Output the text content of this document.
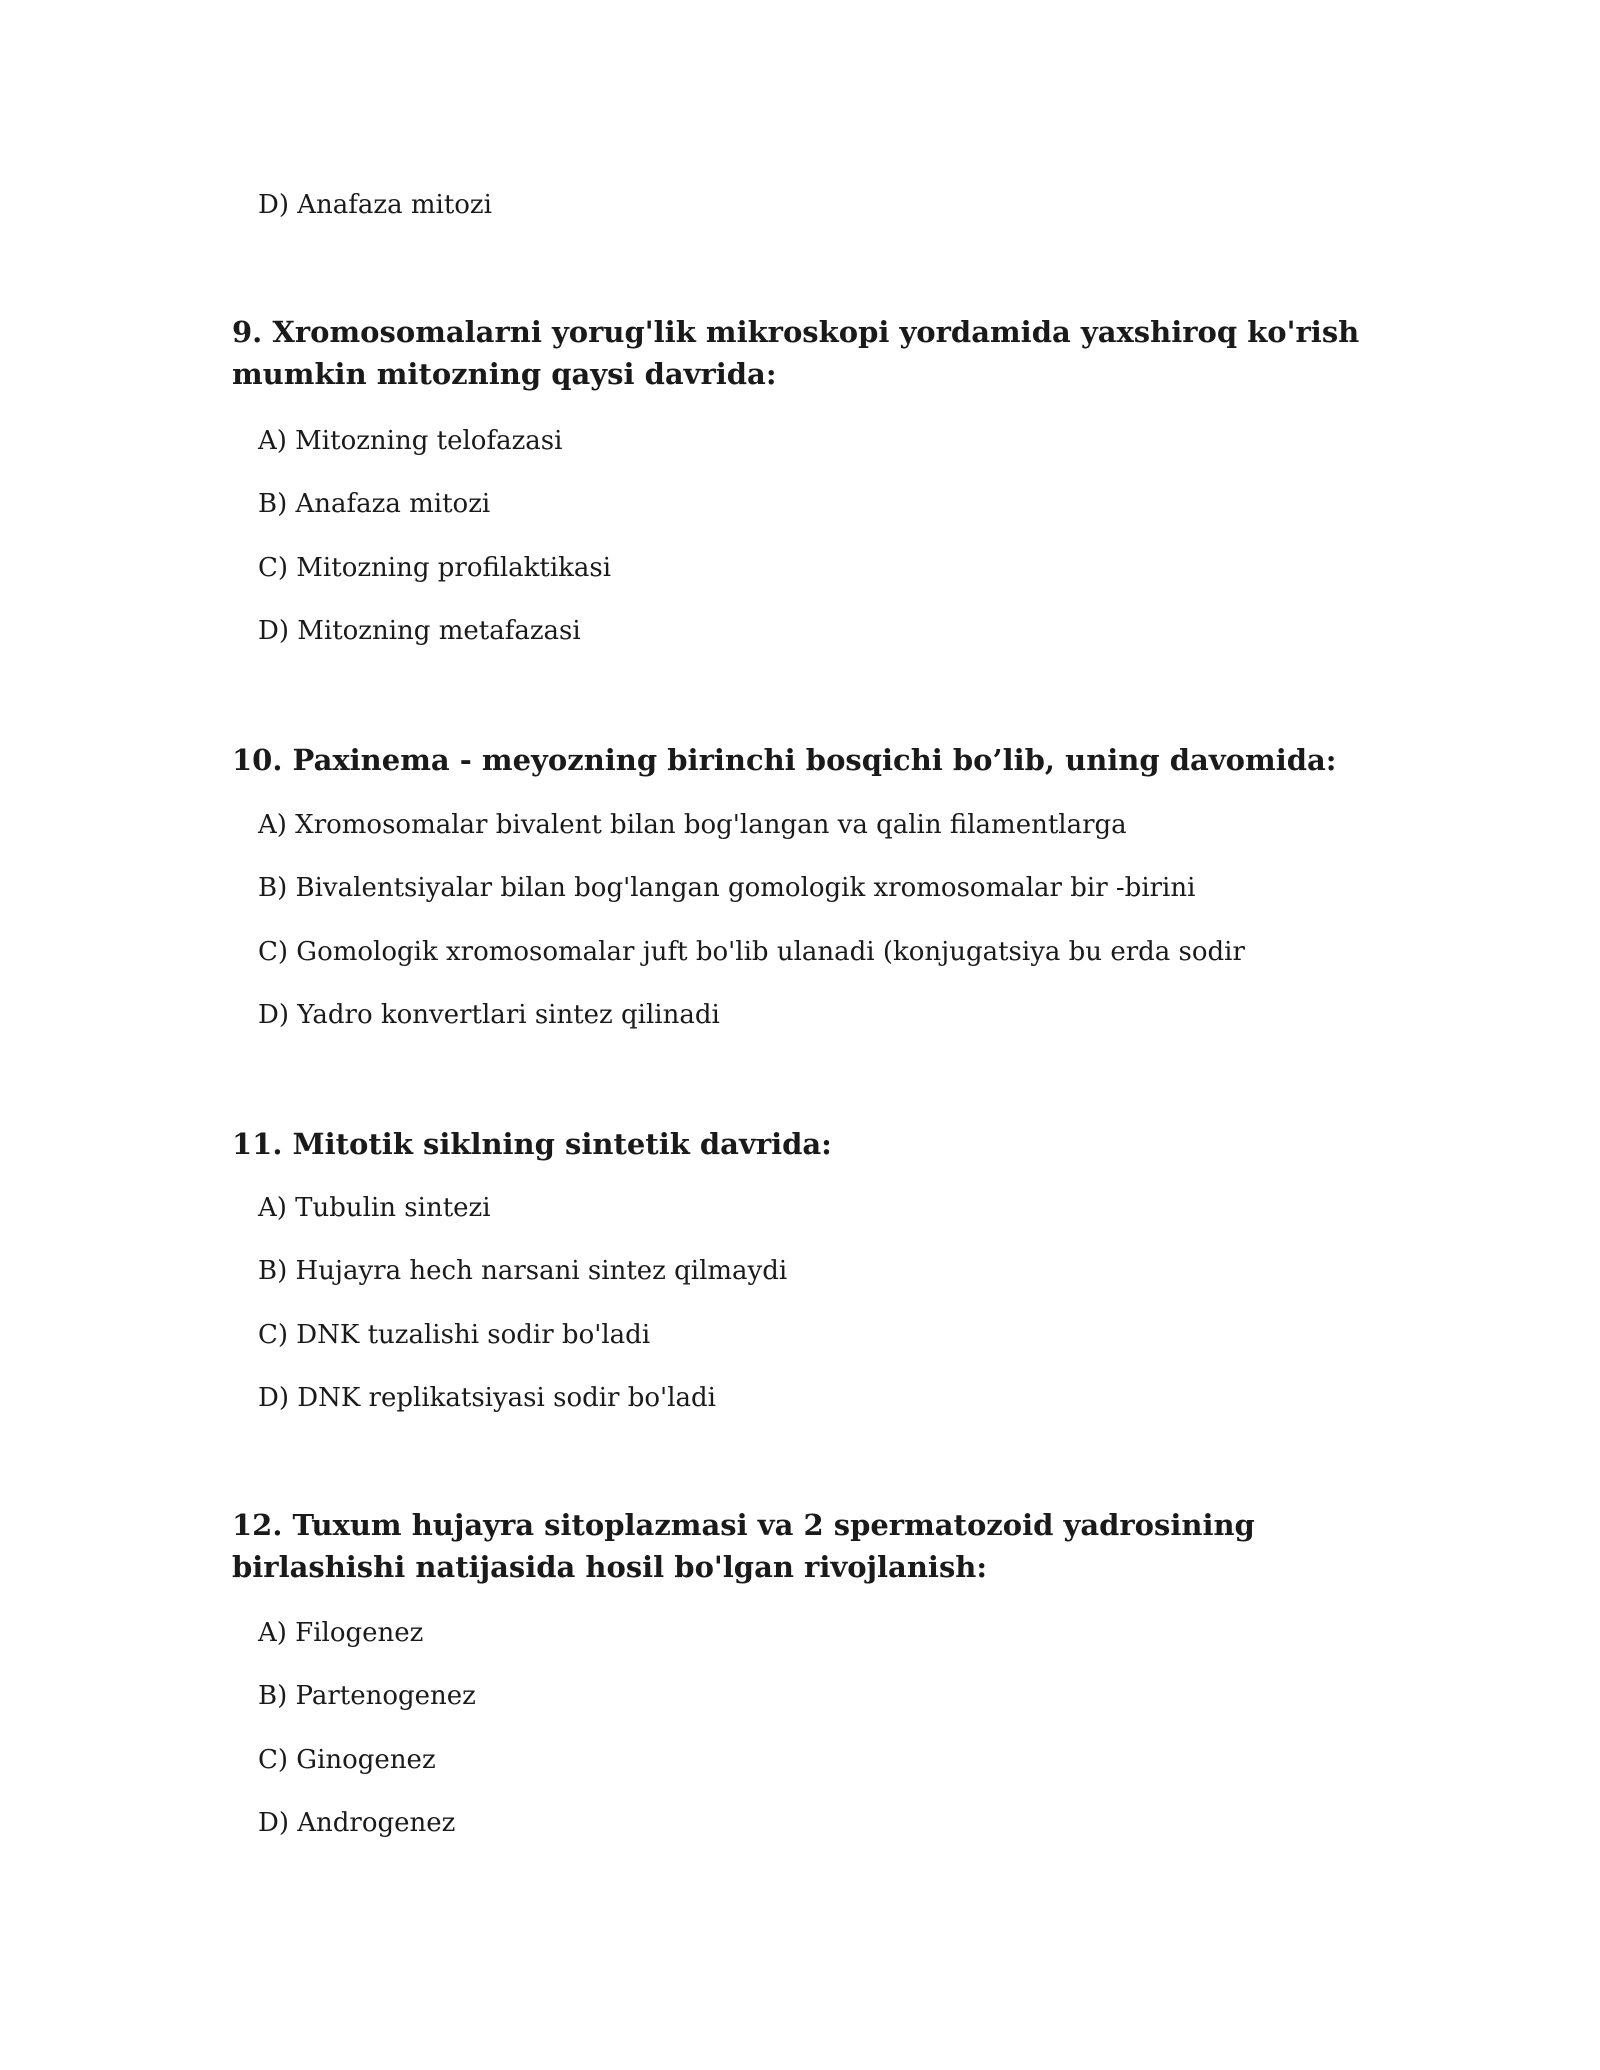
D) Anafaza mitozi
9. Xromosomalarni yorug'lik mikroskopi yordamida yaxshiroq ko'rish mumkin mitozning qaysi davrida:
A) Mitozning telofazasi
B) Anafaza mitozi
C) Mitozning profilaktikasi
D) Mitozning metafazasi
10. Paxinema - meyozning birinchi bosqichi bo’lib, uning davomida:
A) Xromosomalar bivalent bilan bog'langan va qalin filamentlarga
B) Bivalentsiyalar bilan bog'langan gomologik xromosomalar bir -birini
C) Gomologik xromosomalar juft bo'lib ulanadi (konjugatsiya bu erda sodir
D) Yadro konvertlari sintez qilinadi
11. Mitotik siklning sintetik davrida:
A) Tubulin sintezi
B) Hujayra hech narsani sintez qilmaydi
C) DNK tuzalishi sodir bo'ladi
D) DNK replikatsiyasi sodir bo'ladi
12. Tuxum hujayra sitoplazmasi va 2 spermatozoid yadrosining birlashishi natijasida hosil bo'lgan rivojlanish:
A) Filogenez
B) Partenogenez
C) Ginogenez
D) Androgenez
